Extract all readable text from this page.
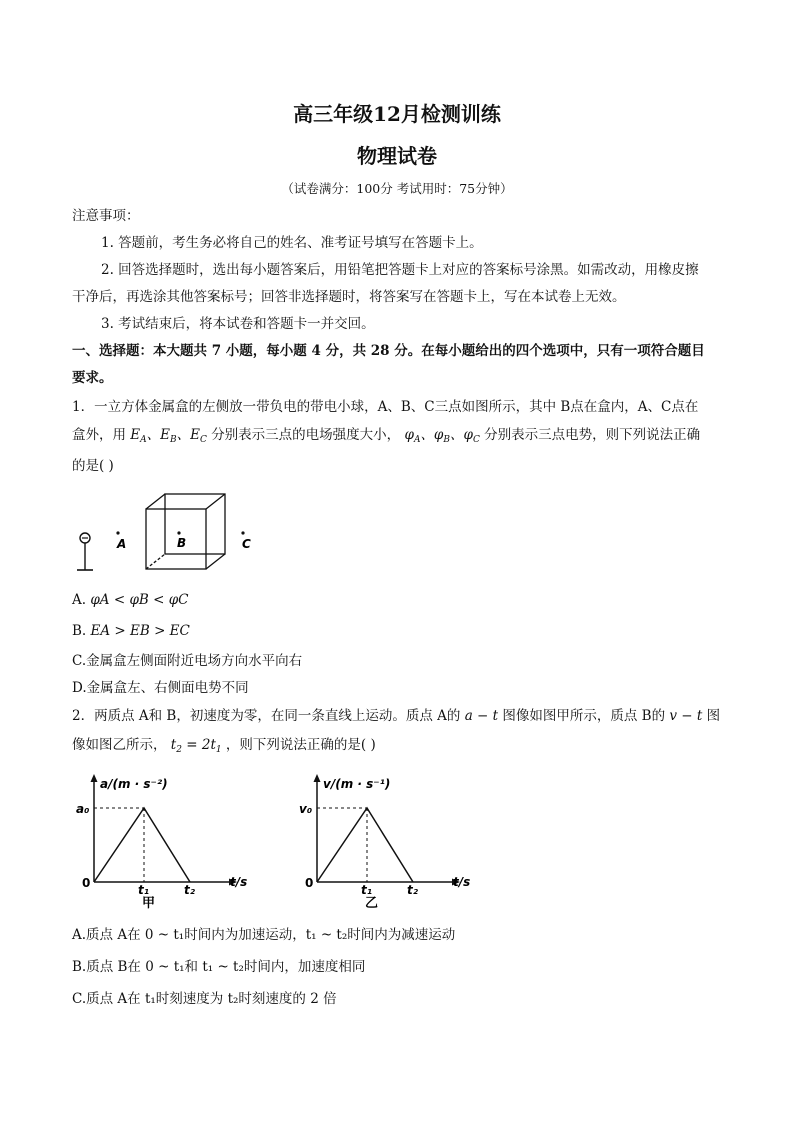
高三年级12月检测训练
物理试卷
（试卷满分：100分 考试用时：75分钟）
注意事项：
1. 答题前，考生务必将自己的姓名、准考证号填写在答题卡上。
2. 回答选择题时，选出每小题答案后，用铅笔把答题卡上对应的答案标号涂黑。如需改动，用橡皮擦
干净后，再选涂其他答案标号；回答非选择题时，将答案写在答题卡上，写在本试卷上无效。
3. 考试结束后，将本试卷和答题卡一并交回。
一、选择题：本大题共 7 小题，每小题 4 分，共 28 分。在每小题给出的四个选项中，只有一项符合题目
要求。
1．一立方体金属盒的左侧放一带负电的带电小球，A、B、C三点如图所示，其中 B点在盒内，A、C点在
盒外，用 $E_A$、$E_B$、$E_C$ 分别表示三点的电场强度大小， $\varphi_A$、$\varphi_B$、$\varphi_C$ 分别表示三点电势，则下列说法正确
的是( )
A	B	C
A. φA < φB < φC
B. EA > EB > EC
C.金属盒左侧面附近电场方向水平向右
D.金属盒左、右侧面电势不同
2．两质点 A和 B，初速度为零，在同一条直线上运动。质点 A的 a − t 图像如图甲所示，质点 B的 v − t 图
像如图乙所示， $t_2 = 2t_1$ ，则下列说法正确的是( )
a/(m · s⁻²)
a₀
0	t₁	t₂
t/s
甲
v/(m · s⁻¹)
v₀
0	t₁	t₂
t/s
乙
A.质点 A在 0 ~ t₁时间内为加速运动，t₁ ~ t₂时间内为减速运动
B.质点 B在 0 ~ t₁和 t₁ ~ t₂时间内，加速度相同
C.质点 A在 t₁时刻速度为 t₂时刻速度的 2 倍
